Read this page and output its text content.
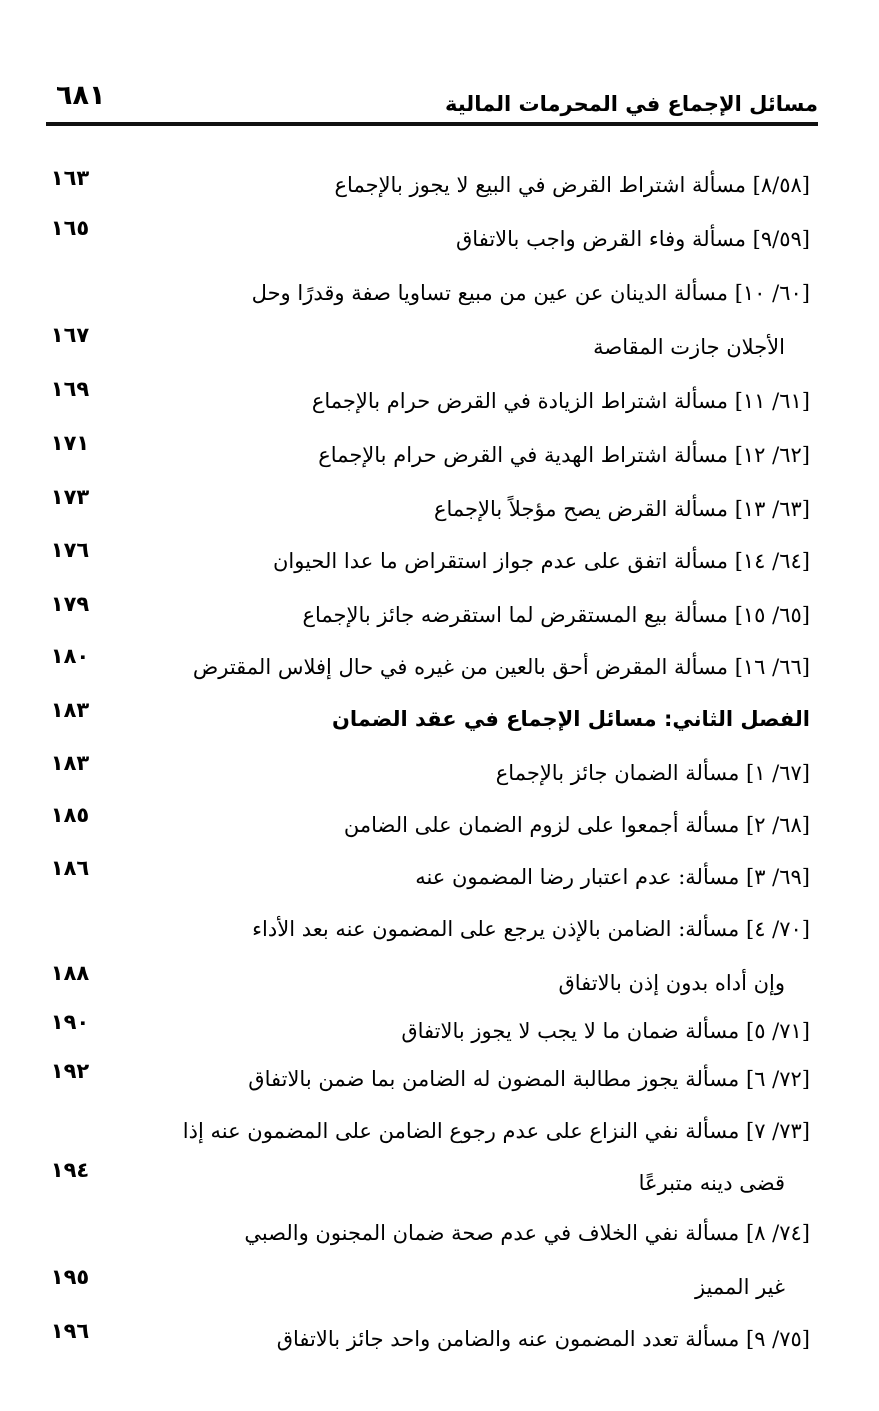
مسائل الإجماع في المحرمات المالية
٦٨١
[٨/٥٨] مسألة اشتراط القرض في البيع لا يجوز بالإجماع
١٦٣
[٩/٥٩] مسألة وفاء القرض واجب بالاتفاق
١٦٥
[٦٠/ ١٠] مسألة الدينان عن عين من مبيع تساويا صفة وقدرًا وحل
الأجلان جازت المقاصة
١٦٧
[٦١/ ١١] مسألة اشتراط الزيادة في القرض حرام بالإجماع
١٦٩
[٦٢/ ١٢] مسألة اشتراط الهدية في القرض حرام بالإجماع
١٧١
[٦٣/ ١٣] مسألة القرض يصح مؤجلاً بالإجماع
١٧٣
[٦٤/ ١٤] مسألة اتفق على عدم جواز استقراض ما عدا الحيوان
١٧٦
[٦٥/ ١٥] مسألة بيع المستقرض لما استقرضه جائز بالإجماع
١٧٩
[٦٦/ ١٦] مسألة المقرض أحق بالعين من غيره في حال إفلاس المقترض
١٨٠
الفصل الثاني: مسائل الإجماع في عقد الضمان
١٨٣
[٦٧/ ١] مسألة الضمان جائز بالإجماع
١٨٣
[٦٨/ ٢] مسألة أجمعوا على لزوم الضمان على الضامن
١٨٥
[٦٩/ ٣] مسألة: عدم اعتبار رضا المضمون عنه
١٨٦
[٧٠/ ٤] مسألة: الضامن بالإذن يرجع على المضمون عنه بعد الأداء
وإن أداه بدون إذن بالاتفاق
١٨٨
[٧١/ ٥] مسألة ضمان ما لا يجب لا يجوز بالاتفاق
١٩٠
[٧٢/ ٦] مسألة يجوز مطالبة المضون له الضامن بما ضمن بالاتفاق
١٩٢
[٧٣/ ٧] مسألة نفي النزاع على عدم رجوع الضامن على المضمون عنه إذا
قضى دينه متبرعًا
١٩٤
[٧٤/ ٨] مسألة نفي الخلاف في عدم صحة ضمان المجنون والصبي
غير المميز
١٩٥
[٧٥/ ٩] مسألة تعدد المضمون عنه والضامن واحد جائز بالاتفاق
١٩٦
